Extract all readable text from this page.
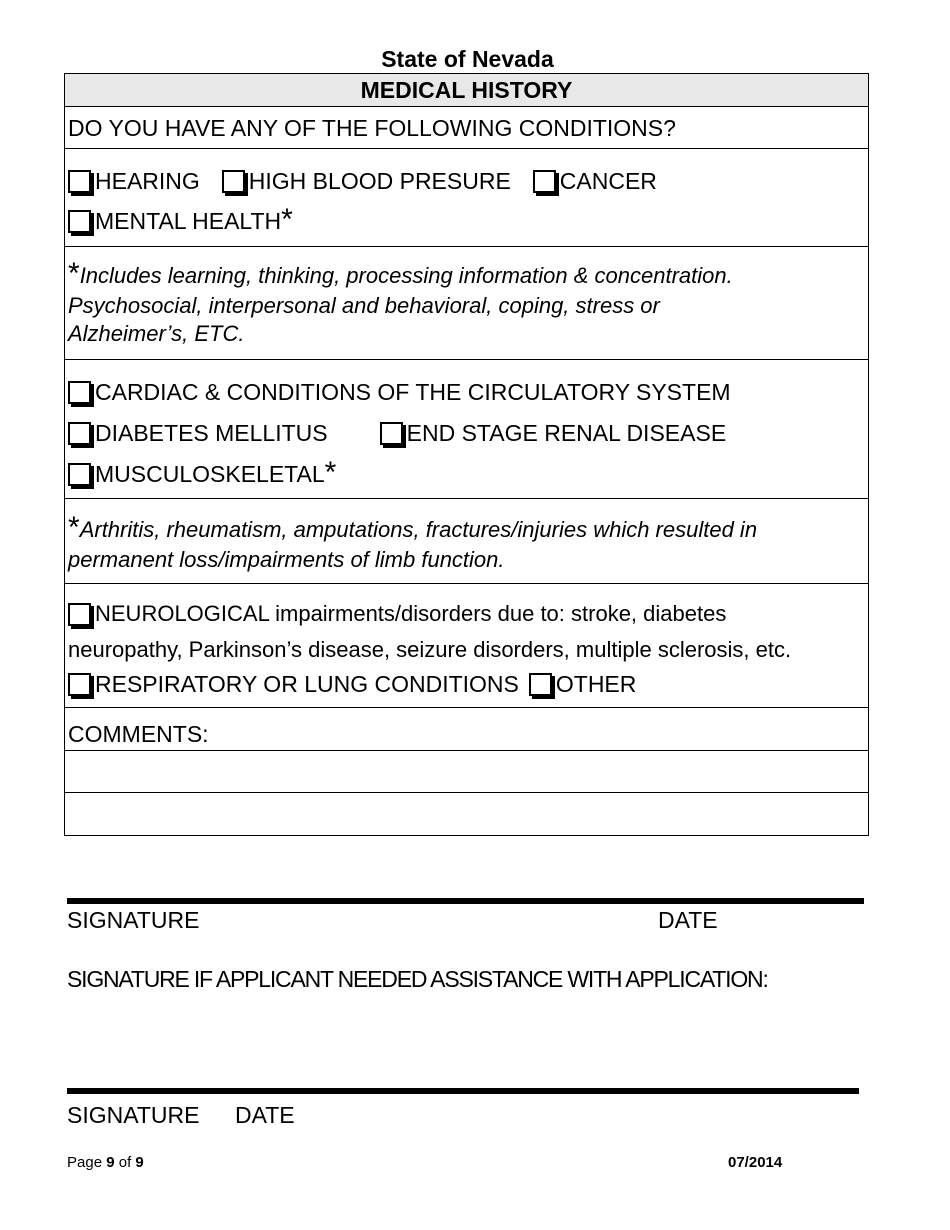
State of Nevada
MEDICAL HISTORY
DO YOU HAVE ANY OF THE FOLLOWING CONDITIONS?
HEARING HIGH BLOOD PRESURE CANCER
MENTAL HEALTH *
*Includes learning, thinking, processing information & concentration.
Psychosocial, interpersonal and behavioral, coping, stress or
Alzheimer’s, ETC.
CARDIAC & CONDITIONS OF THE CIRCULATORY SYSTEM
DIABETES MELLITUS	END STAGE RENAL DISEASE
MUSCULOSKELETAL *
*Arthritis, rheumatism, amputations, fractures/injuries which resulted in
permanent loss/impairments of limb function.
NEUROLOGICAL impairments/disorders due to: stroke, diabetes
neuropathy, Parkinson’s disease, seizure disorders, multiple sclerosis, etc.
RESPIRATORY OR LUNG CONDITIONS OTHER
COMMENTS:
SIGNATURE	DATE
SIGNATURE IF APPLICANT NEEDED ASSISTANCE WITH APPLICATION:
SIGNATURE DATE
Page 9 of 9	07/2014
